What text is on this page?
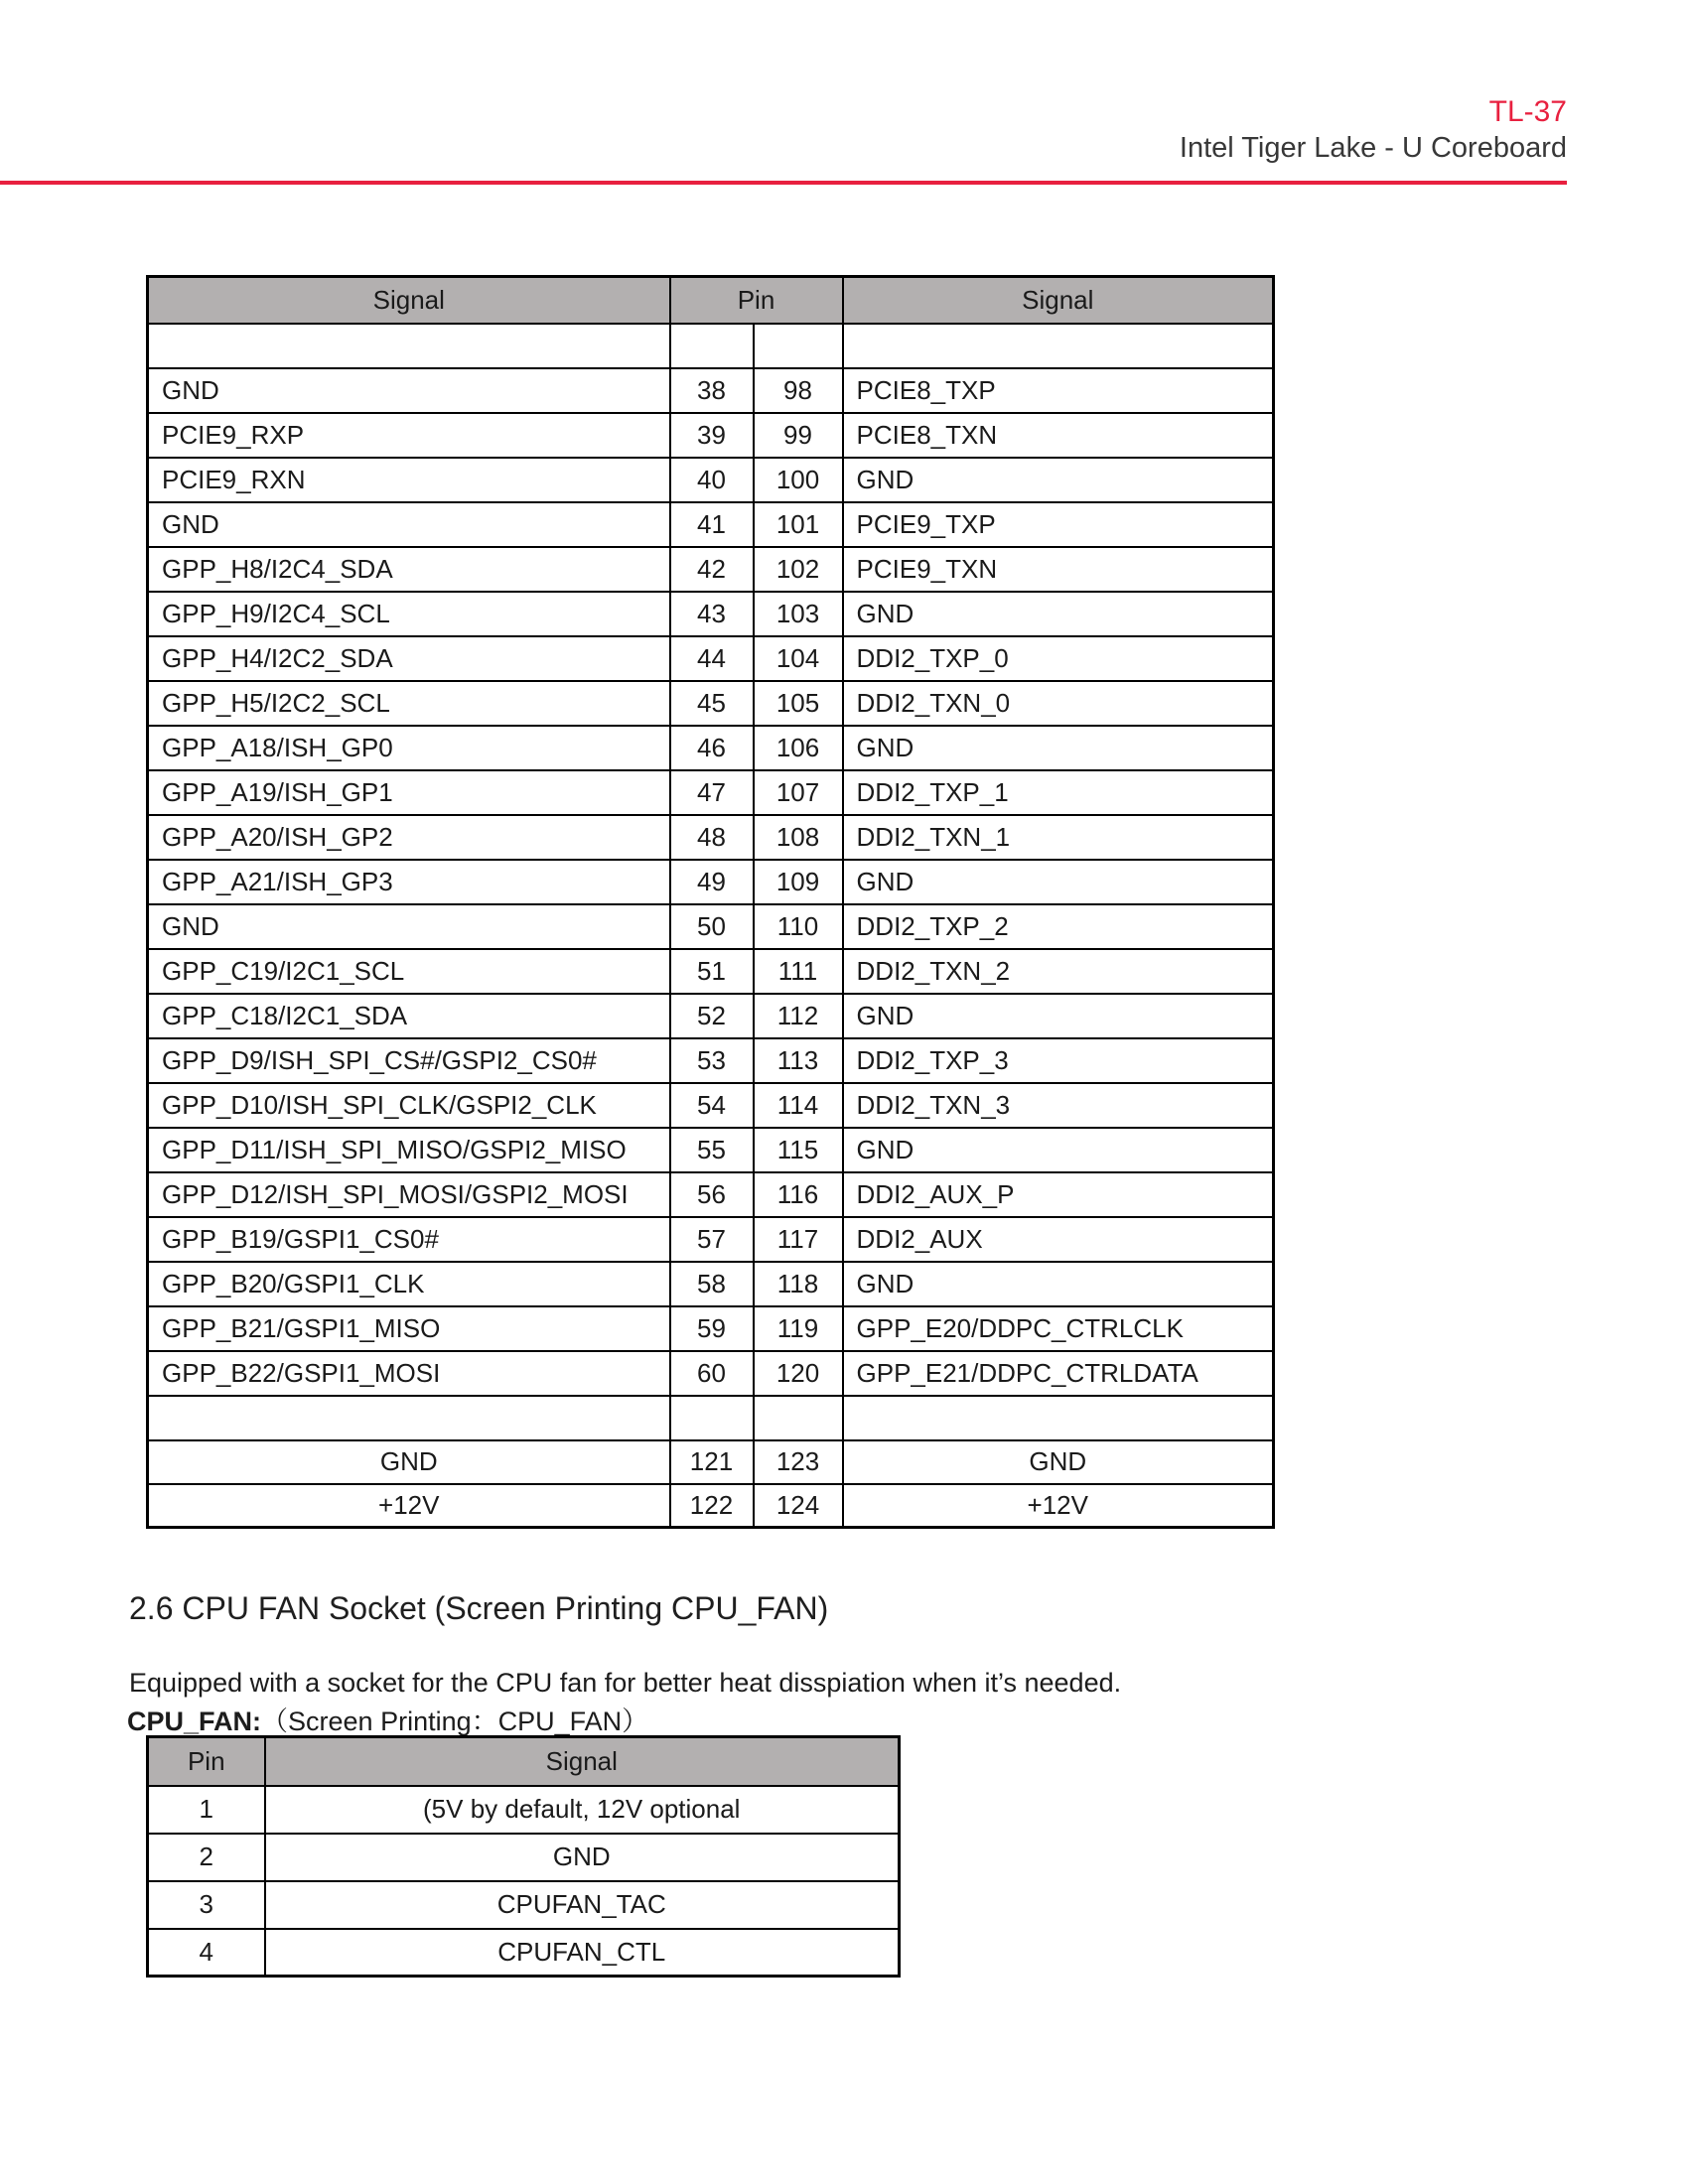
TL-37
Intel Tiger Lake - U Coreboard
Signal	Pin		Signal

GND	38	98	PCIE8_TXP
PCIE9_RXP	39	99	PCIE8_TXN
PCIE9_RXN	40	100	GND
GND	41	101	PCIE9_TXP
GPP_H8/I2C4_SDA	42	102	PCIE9_TXN
GPP_H9/I2C4_SCL	43	103	GND
GPP_H4/I2C2_SDA	44	104	DDI2_TXP_0
GPP_H5/I2C2_SCL	45	105	DDI2_TXN_0
GPP_A18/ISH_GP0	46	106	GND
GPP_A19/ISH_GP1	47	107	DDI2_TXP_1
GPP_A20/ISH_GP2	48	108	DDI2_TXN_1
GPP_A21/ISH_GP3	49	109	GND
GND	50	110	DDI2_TXP_2
GPP_C19/I2C1_SCL	51	111	DDI2_TXN_2
GPP_C18/I2C1_SDA	52	112	GND
GPP_D9/ISH_SPI_CS#/GSPI2_CS0#	53	113	DDI2_TXP_3
GPP_D10/ISH_SPI_CLK/GSPI2_CLK	54	114	DDI2_TXN_3
GPP_D11/ISH_SPI_MISO/GSPI2_MISO	55	115	GND
GPP_D12/ISH_SPI_MOSI/GSPI2_MOSI	56	116	DDI2_AUX_P
GPP_B19/GSPI1_CS0#	57	117	DDI2_AUX
GPP_B20/GSPI1_CLK	58	118	GND
GPP_B21/GSPI1_MISO	59	119	GPP_E20/DDPC_CTRLCLK
GPP_B22/GSPI1_MOSI	60	120	GPP_E21/DDPC_CTRLDATA

GND	121	123	GND
+12V	122	124	+12V
2.6 CPU FAN Socket (Screen Printing CPU_FAN)
Equipped with a socket for the CPU fan for better heat disspiation when it’s needed.
CPU_FAN:（Screen Printing：CPU_FAN）
Pin	Signal
1	(5V by default, 12V optional
2	GND
3	CPUFAN_TAC
4	CPUFAN_CTL
